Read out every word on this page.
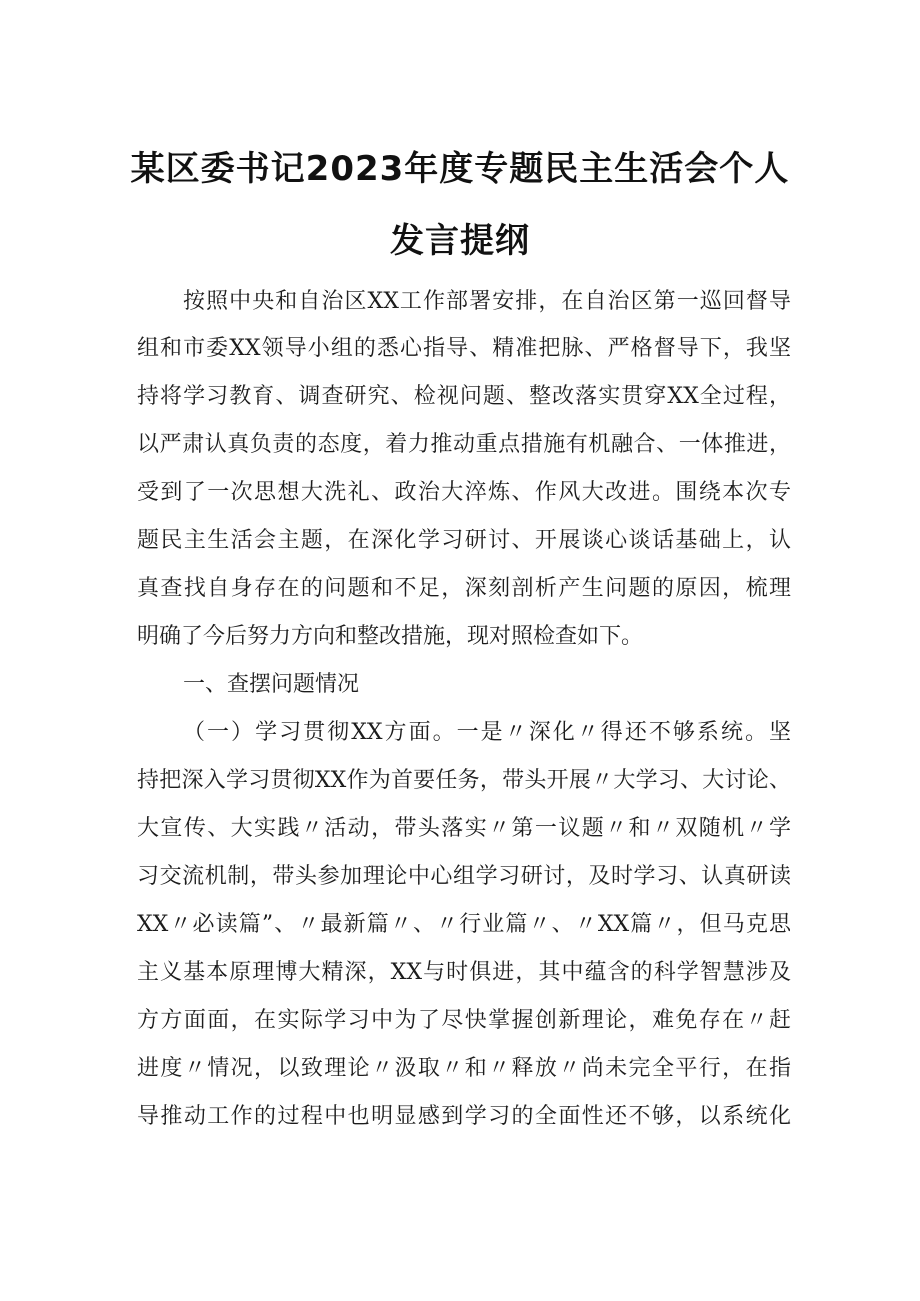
某区委书记2023年度专题民主生活会个人
发言提纲
按照中央和自治区XX工作部署安排，在自治区第一巡回督导
组和市委XX领导小组的悉心指导、精准把脉、严格督导下，我坚
持将学习教育、调查研究、检视问题、整改落实贯穿XX全过程，
以严肃认真负责的态度，着力推动重点措施有机融合、一体推进，
受到了一次思想大洗礼、政治大淬炼、作风大改进。围绕本次专
题民主生活会主题，在深化学习研讨、开展谈心谈话基础上，认
真查找自身存在的问题和不足，深刻剖析产生问题的原因，梳理
明确了今后努力方向和整改措施，现对照检查如下。
一、查摆问题情况
（一）学习贯彻XX方面。一是〃深化〃得还不够系统。坚
持把深入学习贯彻XX作为首要任务，带头开展〃大学习、大讨论、
大宣传、大实践〃活动，带头落实〃第一议题〃和〃双随机〃学
习交流机制，带头参加理论中心组学习研讨，及时学习、认真研读
XX〃必读篇”、〃最新篇〃、〃行业篇〃、〃XX篇〃，但马克思
主义基本原理博大精深，XX与时俱进，其中蕴含的科学智慧涉及
方方面面，在实际学习中为了尽快掌握创新理论，难免存在〃赶
进度〃情况，以致理论〃汲取〃和〃释放〃尚未完全平行，在指
导推动工作的过程中也明显感到学习的全面性还不够，以系统化
